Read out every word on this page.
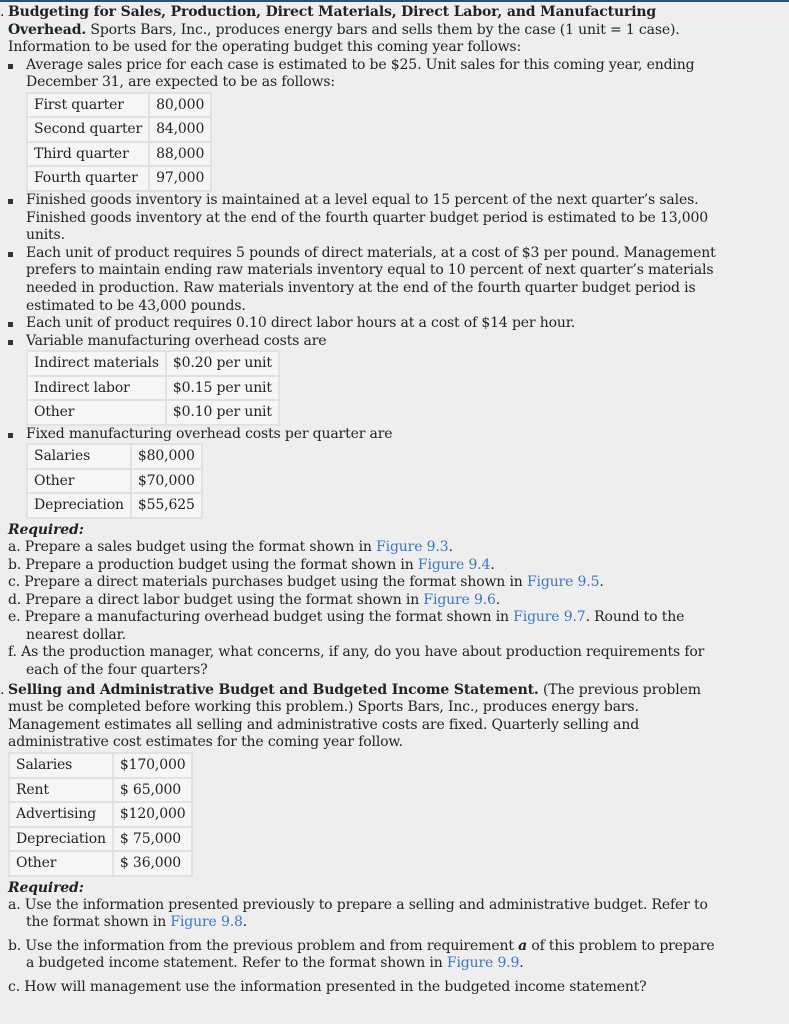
. Budgeting for Sales, Production, Direct Materials, Direct Labor, and Manufacturing
Overhead. Sports Bars, Inc., produces energy bars and sells them by the case (1 unit = 1 case).
Information to be used for the operating budget this coming year follows:
Average sales price for each case is estimated to be $25. Unit sales for this coming year, ending
December 31, are expected to be as follows:
First quarter	80,000
Second quarter	84,000
Third quarter	88,000
Fourth quarter	97,000
Finished goods inventory is maintained at a level equal to 15 percent of the next quarter’s sales.
Finished goods inventory at the end of the fourth quarter budget period is estimated to be 13,000
units.
Each unit of product requires 5 pounds of direct materials, at a cost of $3 per pound. Management
prefers to maintain ending raw materials inventory equal to 10 percent of next quarter’s materials
needed in production. Raw materials inventory at the end of the fourth quarter budget period is
estimated to be 43,000 pounds.
Each unit of product requires 0.10 direct labor hours at a cost of $14 per hour.
Variable manufacturing overhead costs are
Indirect materials	$0.20 per unit
Indirect labor	$0.15 per unit
Other	$0.10 per unit
Fixed manufacturing overhead costs per quarter are
Salaries	$80,000
Other	$70,000
Depreciation	$55,625
Required:
a. Prepare a sales budget using the format shown in Figure 9.3.
b. Prepare a production budget using the format shown in Figure 9.4.
c. Prepare a direct materials purchases budget using the format shown in Figure 9.5.
d. Prepare a direct labor budget using the format shown in Figure 9.6.
e. Prepare a manufacturing overhead budget using the format shown in Figure 9.7. Round to the
nearest dollar.
f. As the production manager, what concerns, if any, do you have about production requirements for
each of the four quarters?
. Selling and Administrative Budget and Budgeted Income Statement. (The previous problem
must be completed before working this problem.) Sports Bars, Inc., produces energy bars.
Management estimates all selling and administrative costs are fixed. Quarterly selling and
administrative cost estimates for the coming year follow.
Salaries	$170,000
Rent	$ 65,000
Advertising	$120,000
Depreciation	$ 75,000
Other	$ 36,000
Required:
a. Use the information presented previously to prepare a selling and administrative budget. Refer to
the format shown in Figure 9.8.
b. Use the information from the previous problem and from requirement a of this problem to prepare
a budgeted income statement. Refer to the format shown in Figure 9.9.
c. How will management use the information presented in the budgeted income statement?
